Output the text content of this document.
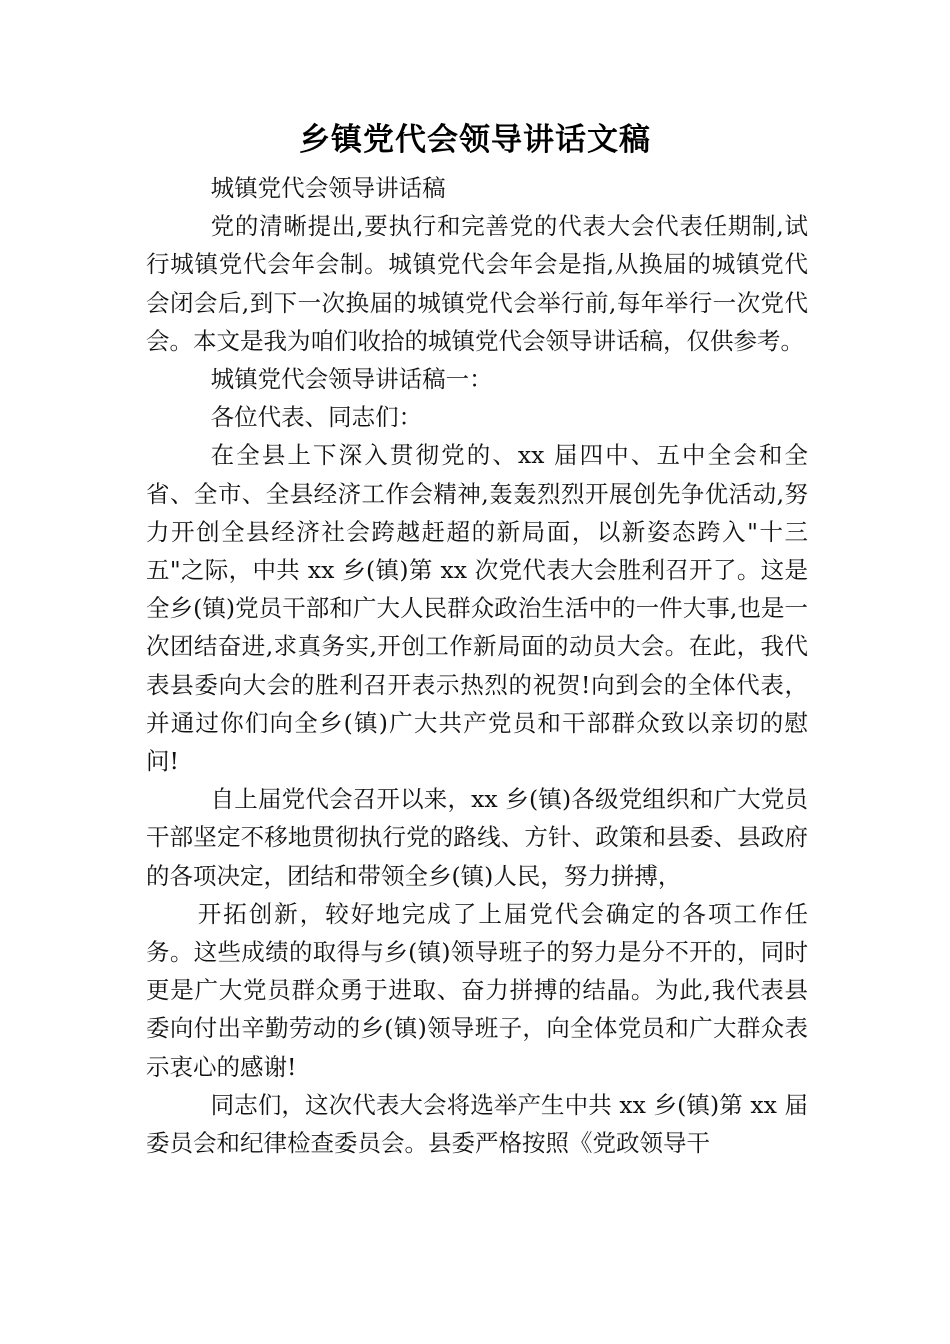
乡镇党代会领导讲话文稿

城镇党代会领导讲话稿

党的清晰提出,要执行和完善党的代表大会代表任期制,试行城镇党代会年会制。城镇党代会年会是指,从换届的城镇党代会闭会后,到下一次换届的城镇党代会举行前,每年举行一次党代会。本文是我为咱们收拾的城镇党代会领导讲话稿，仅供参考。

城镇党代会领导讲话稿一：

各位代表、同志们：

在全县上下深入贯彻党的、xx 届四中、五中全会和全省、全市、全县经济工作会精神,轰轰烈烈开展创先争优活动,努力开创全县经济社会跨越赶超的新局面，以新姿态跨入"十三五"之际，中共 xx 乡(镇)第 xx 次党代表大会胜利召开了。这是全乡(镇)党员干部和广大人民群众政治生活中的一件大事,也是一次团结奋进,求真务实,开创工作新局面的动员大会。在此，我代表县委向大会的胜利召开表示热烈的祝贺!向到会的全体代表，并通过你们向全乡(镇)广大共产党员和干部群众致以亲切的慰问!

自上届党代会召开以来，xx 乡(镇)各级党组织和广大党员干部坚定不移地贯彻执行党的路线、方针、政策和县委、县政府的各项决定，团结和带领全乡(镇)人民，努力拼搏，

开拓创新，较好地完成了上届党代会确定的各项工作任务。这些成绩的取得与乡(镇)领导班子的努力是分不开的，同时更是广大党员群众勇于进取、奋力拼搏的结晶。为此,我代表县委向付出辛勤劳动的乡(镇)领导班子，向全体党员和广大群众表示衷心的感谢!

同志们，这次代表大会将选举产生中共 xx 乡(镇)第 xx 届委员会和纪律检查委员会。县委严格按照《党政领导干
